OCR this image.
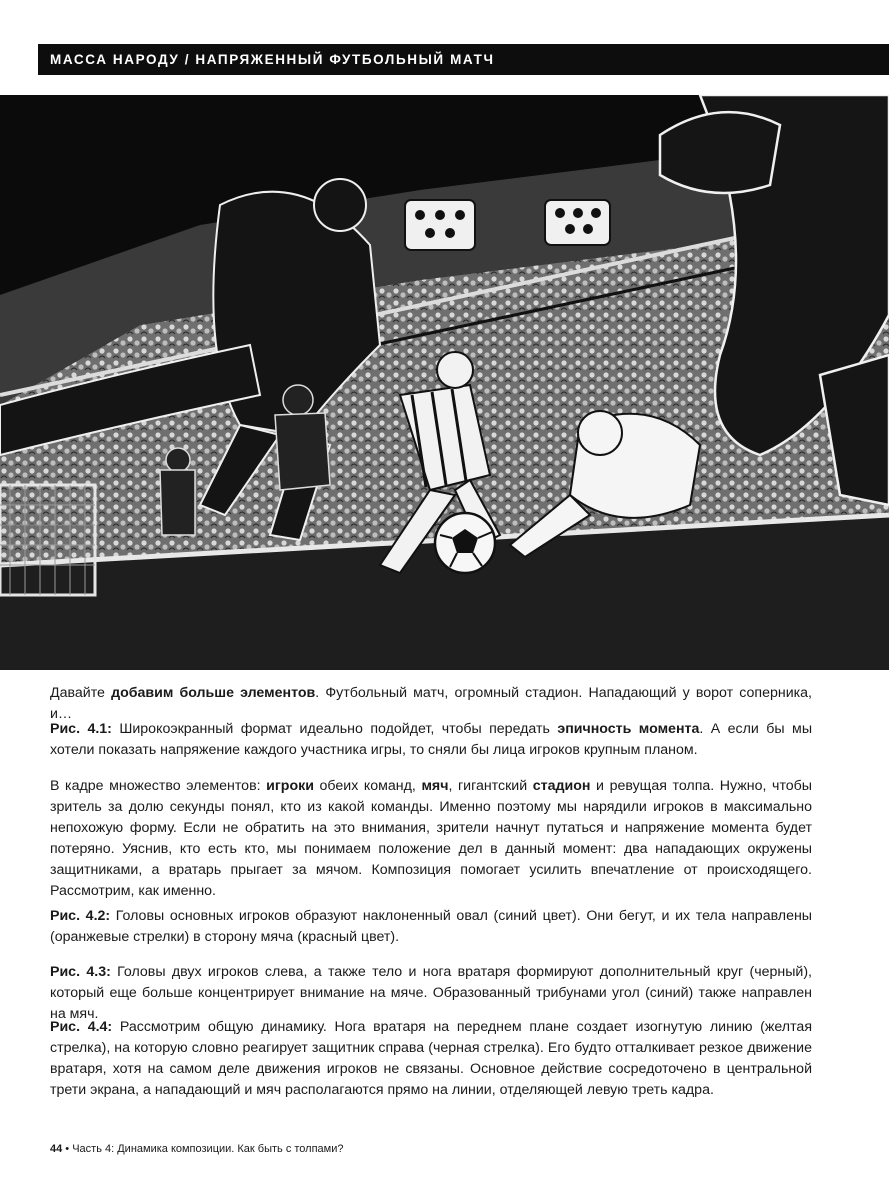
МАССА НАРОДУ / НАПРЯЖЕННЫЙ ФУТБОЛЬНЫЙ МАТЧ
Давайте добавим больше элементов. Футбольный матч, огромный стадион. Нападающий у ворот соперника, и…
Рис. 4.1: Широкоэкранный формат идеально подойдет, чтобы передать эпичность момента. А если бы мы хотели показать напряжение каждого участника игры, то сняли бы лица игроков крупным планом.
В кадре множество элементов: игроки обеих команд, мяч, гигантский стадион и ревущая толпа. Нужно, чтобы зритель за долю секунды понял, кто из какой команды. Именно поэтому мы нарядили игроков в максимально непохожую форму. Если не обратить на это внимания, зрители начнут путаться и напряжение момента будет потеряно. Уяснив, кто есть кто, мы понимаем положение дел в данный момент: два нападающих окружены защитниками, а вратарь прыгает за мячом. Композиция помогает усилить впечатление от происходящего. Рассмотрим, как именно.
Рис. 4.2: Головы основных игроков образуют наклоненный овал (синий цвет). Они бегут, и их тела направлены (оранжевые стрелки) в сторону мяча (красный цвет).
Рис. 4.3: Головы двух игроков слева, а также тело и нога вратаря формируют дополнительный круг (черный), который еще больше концентрирует внимание на мяче. Образованный трибунами угол (синий) также направлен на мяч.
Рис. 4.4: Рассмотрим общую динамику. Нога вратаря на переднем плане создает изогнутую линию (желтая стрелка), на которую словно реагирует защитник справа (черная стрелка). Его будто отталкивает резкое движение вратаря, хотя на самом деле движения игроков не связаны. Основное действие сосредоточено в центральной трети экрана, а нападающий и мяч располагаются прямо на линии, отделяющей левую треть кадра.
44 • Часть 4: Динамика композиции. Как быть с толпами?
